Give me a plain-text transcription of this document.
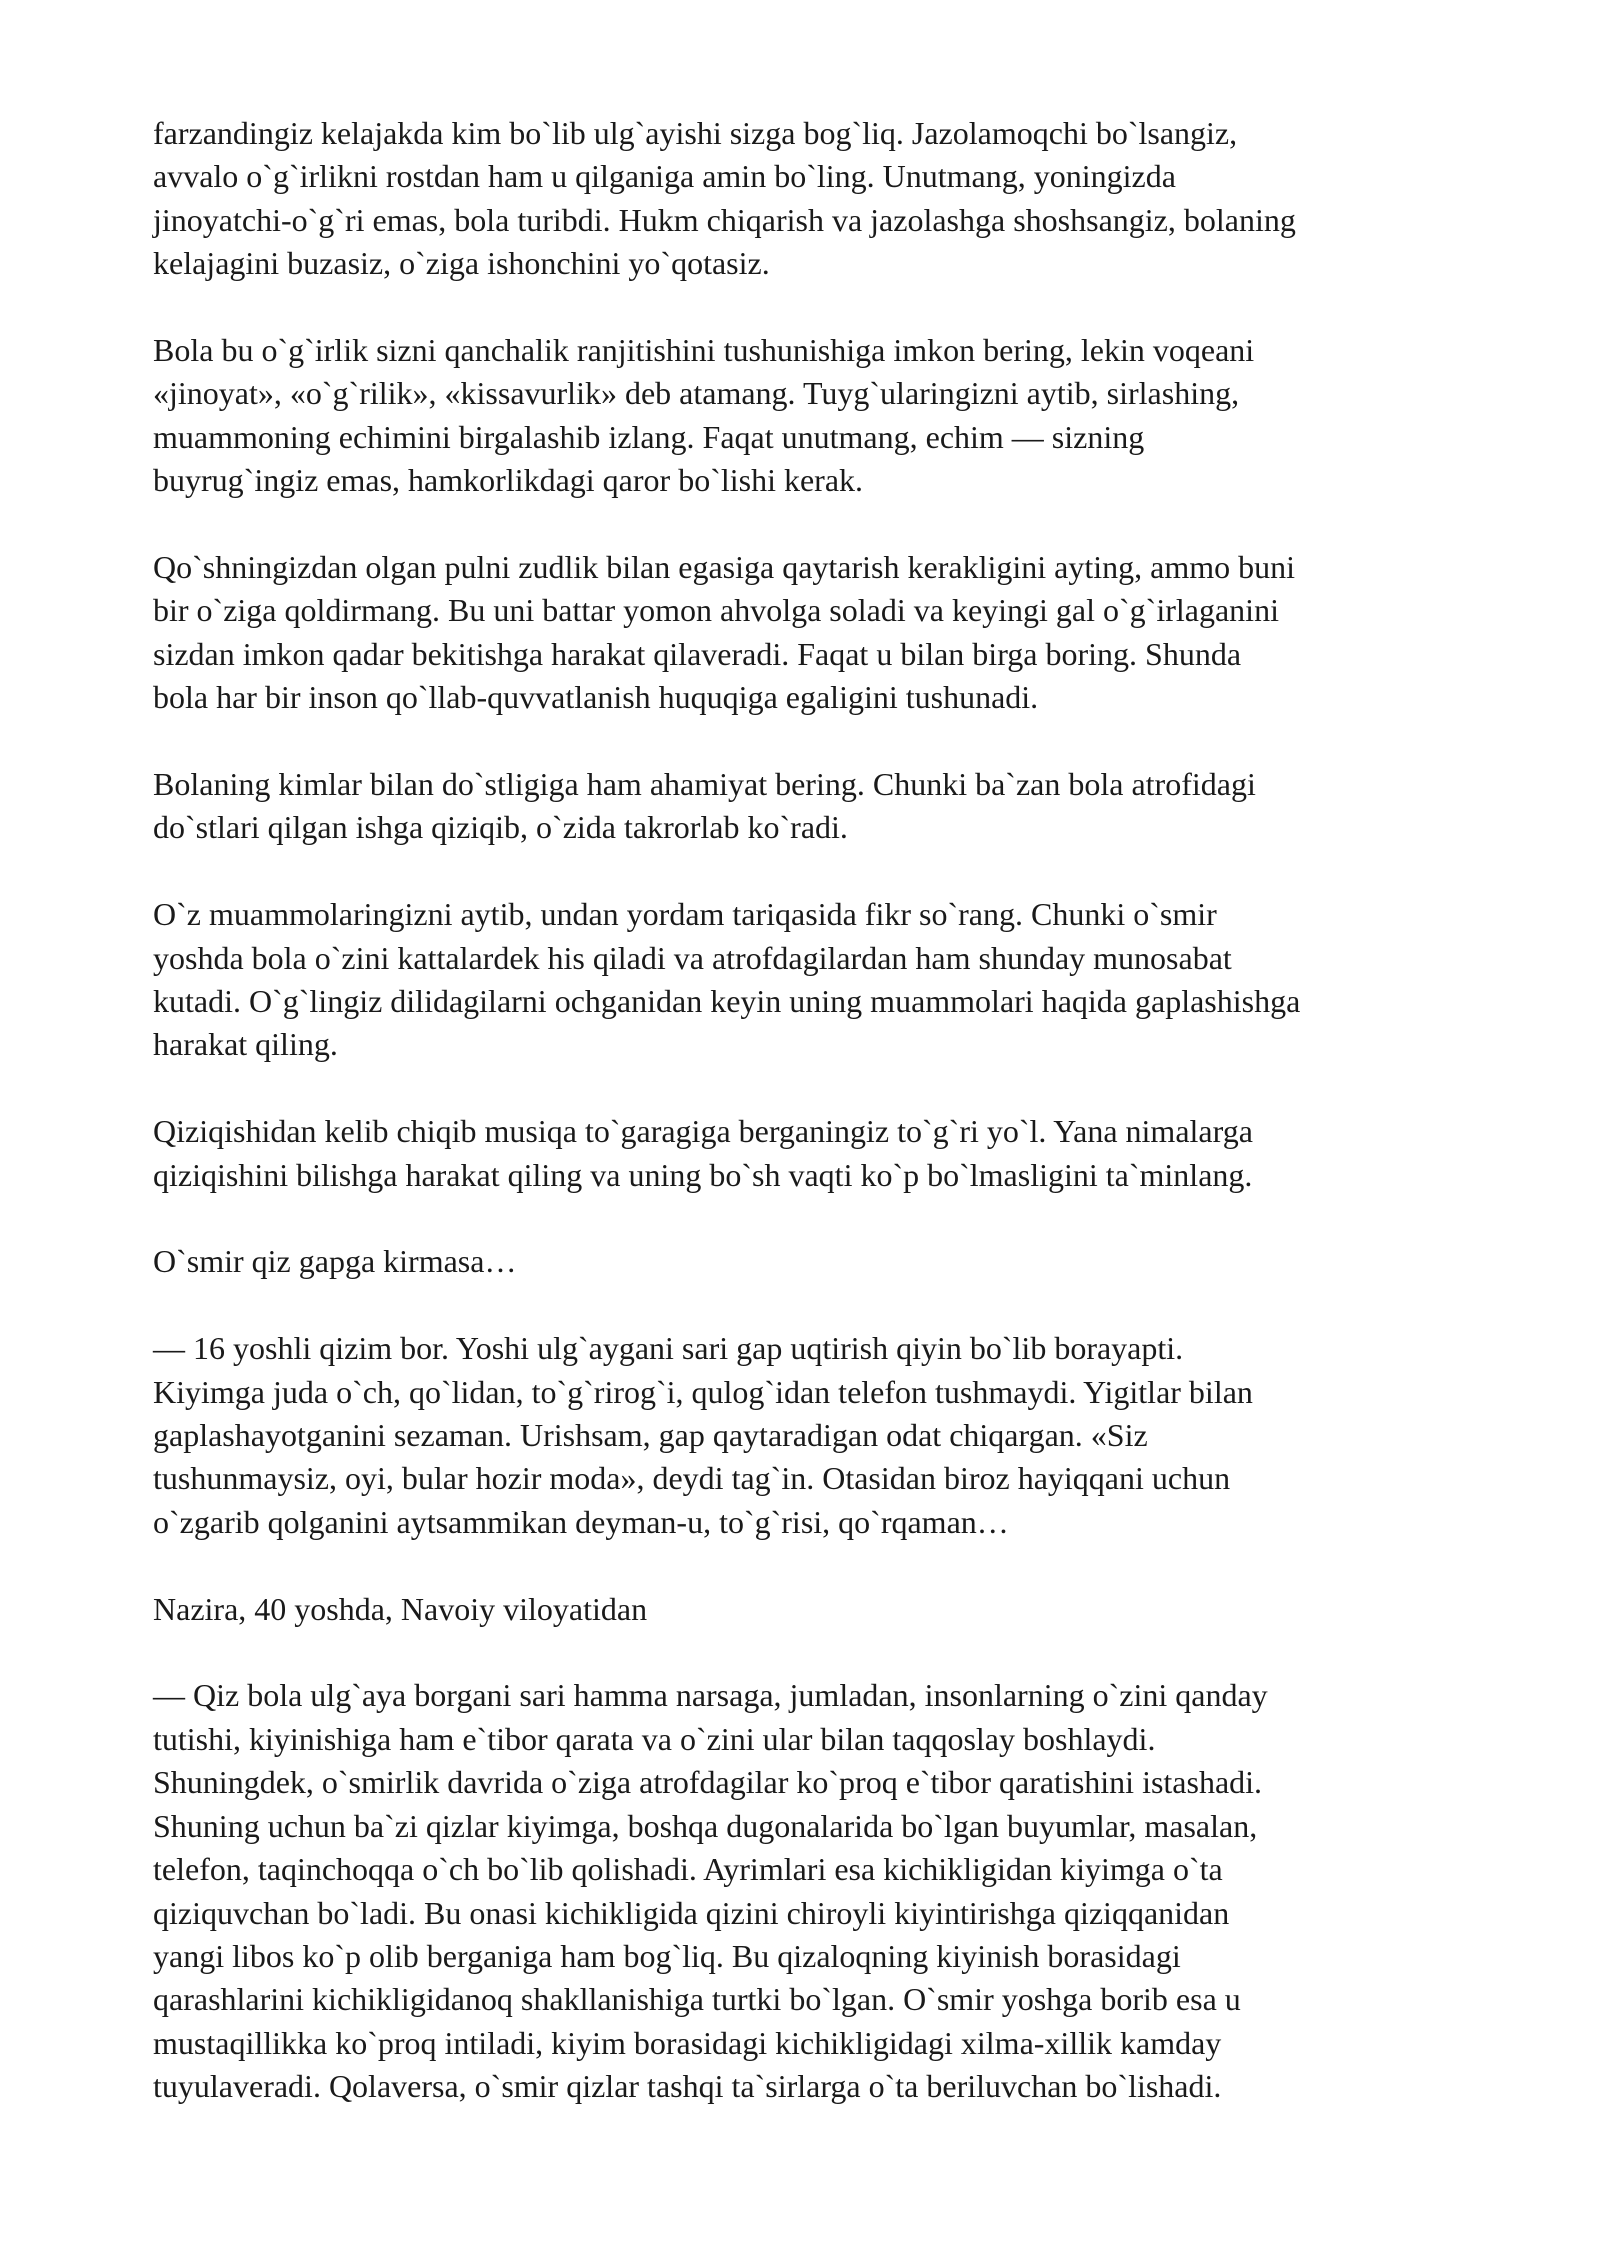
farzandingiz kelajakda kim bo`lib ulg`ayishi sizga bog`liq. Jazolamoqchi bo`lsangiz,
avvalo o`g`irlikni rostdan ham u qilganiga amin bo`ling. Unutmang, yoningizda
jinoyatchi-o`g`ri emas, bola turibdi. Hukm chiqarish va jazolashga shoshsangiz, bolaning
kelajagini buzasiz, o`ziga ishonchini yo`qotasiz.

Bola bu o`g`irlik sizni qanchalik ranjitishini tushunishiga imkon bering, lekin voqeani
«jinoyat», «o`g`rilik», «kissavurlik» deb atamang. Tuyg`ularingizni aytib, sirlashing,
muammoning echimini birgalashib izlang. Faqat unutmang, echim — sizning
buyrug`ingiz emas, hamkorlikdagi qaror bo`lishi kerak.

Qo`shningizdan olgan pulni zudlik bilan egasiga qaytarish kerakligini ayting, ammo buni
bir o`ziga qoldirmang. Bu uni battar yomon ahvolga soladi va keyingi gal o`g`irlaganini
sizdan imkon qadar bekitishga harakat qilaveradi. Faqat u bilan birga boring. Shunda
bola har bir inson qo`llab-quvvatlanish huquqiga egaligini tushunadi.

Bolaning kimlar bilan do`stligiga ham ahamiyat bering. Chunki ba`zan bola atrofidagi
do`stlari qilgan ishga qiziqib, o`zida takrorlab ko`radi.

O`z muammolaringizni aytib, undan yordam tariqasida fikr so`rang. Chunki o`smir
yoshda bola o`zini kattalardek his qiladi va atrofdagilardan ham shunday munosabat
kutadi. O`g`lingiz dilidagilarni ochganidan keyin uning muammolari haqida gaplashishga
harakat qiling.

Qiziqishidan kelib chiqib musiqa to`garagiga berganingiz to`g`ri yo`l. Yana nimalarga
qiziqishini bilishga harakat qiling va uning bo`sh vaqti ko`p bo`lmasligini ta`minlang.

O`smir qiz gapga kirmasa…

— 16 yoshli qizim bor. Yoshi ulg`aygani sari gap uqtirish qiyin bo`lib borayapti.
Kiyimga juda o`ch, qo`lidan, to`g`rirog`i, qulog`idan telefon tushmaydi. Yigitlar bilan
gaplashayotganini sezaman. Urishsam, gap qaytaradigan odat chiqargan. «Siz
tushunmaysiz, oyi, bular hozir moda», deydi tag`in. Otasidan biroz hayiqqani uchun
o`zgarib qolganini aytsammikan deyman-u, to`g`risi, qo`rqaman…

Nazira, 40 yoshda, Navoiy viloyatidan

— Qiz bola ulg`aya borgani sari hamma narsaga, jumladan, insonlarning o`zini qanday
tutishi, kiyinishiga ham e`tibor qarata va o`zini ular bilan taqqoslay boshlaydi.
Shuningdek, o`smirlik davrida o`ziga atrofdagilar ko`proq e`tibor qaratishini istashadi.
Shuning uchun ba`zi qizlar kiyimga, boshqa dugonalarida bo`lgan buyumlar, masalan,
telefon, taqinchoqqa o`ch bo`lib qolishadi. Ayrimlari esa kichikligidan kiyimga o`ta
qiziquvchan bo`ladi. Bu onasi kichikligida qizini chiroyli kiyintirishga qiziqqanidan
yangi libos ko`p olib berganiga ham bog`liq. Bu qizaloqning kiyinish borasidagi
qarashlarini kichikligidanoq shakllanishiga turtki bo`lgan. O`smir yoshga borib esa u
mustaqillikka ko`proq intiladi, kiyim borasidagi kichikligidagi xilma-xillik kamday
tuyulaveradi. Qolaversa, o`smir qizlar tashqi ta`sirlarga o`ta beriluvchan bo`lishadi.
